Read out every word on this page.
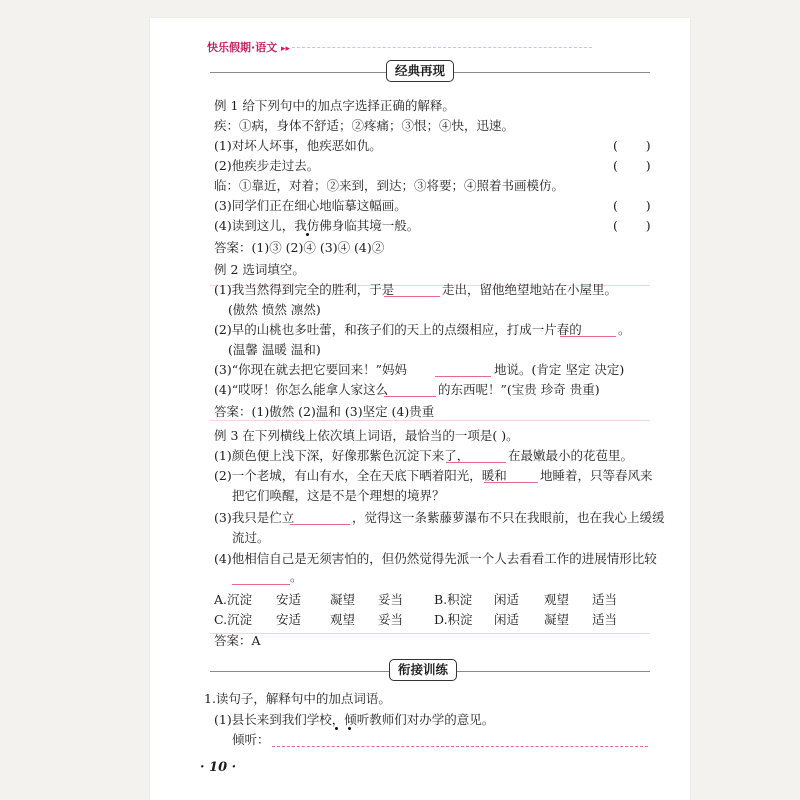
快乐假期·语文 ▸▸
经典再现
例 1 给下列句中的加点字选择正确的解释。
疾：①病，身体不舒适；②疼痛；③恨；④快，迅速。
(1)对坏人坏事，他疾恶如仇。	(       )
(2)他疾步走过去。	(       )
临：①靠近，对着；②来到，到达；③将要；④照着书画模仿。
(3)同学们正在细心地临摹这幅画。	(       )
(4)读到这儿，我仿佛身临其境一般。	(       )
答案：(1)③ (2)④ (3)④ (4)②
例 2 选词填空。
(1)我当然得到完全的胜利，于是	走出，留他绝望地站在小屋里。
(傲然 愤然 凛然)
(2)早的山桃也多吐蕾，和孩子们的天上的点缀相应，打成一片春的	。
(温馨 温暖 温和)
(3)“你现在就去把它要回来！”妈妈	地说。(肯定 坚定 决定)
(4)“哎呀！你怎么能拿人家这么	的东西呢！”(宝贵 珍奇 贵重)
答案：(1)傲然 (2)温和 (3)坚定 (4)贵重
例 3 在下列横线上依次填上词语，最恰当的一项是( )。
(1)颜色便上浅下深，好像那紫色沉淀下来了，	在最嫩最小的花苞里。
(2)一个老城，有山有水，全在天底下晒着阳光，暖和	地睡着，只等春风来
把它们唤醒，这是不是个理想的境界？
(3)我只是伫立	，觉得这一条紫藤萝瀑布不只在我眼前，也在我心上缓缓
流过。
(4)他相信自己是无须害怕的，但仍然觉得先派一个人去看看工作的进展情形比较
。
A.沉淀 安适 凝望 妥当 B.积淀 闲适 观望 适当
C.沉淀 安适 观望 妥当 D.积淀 闲适 凝望 适当
答案：A
衔接训练
1.读句子，解释句中的加点词语。
(1)县长来到我们学校，倾听教师们对办学的意见。
倾听：
· 10 ·
